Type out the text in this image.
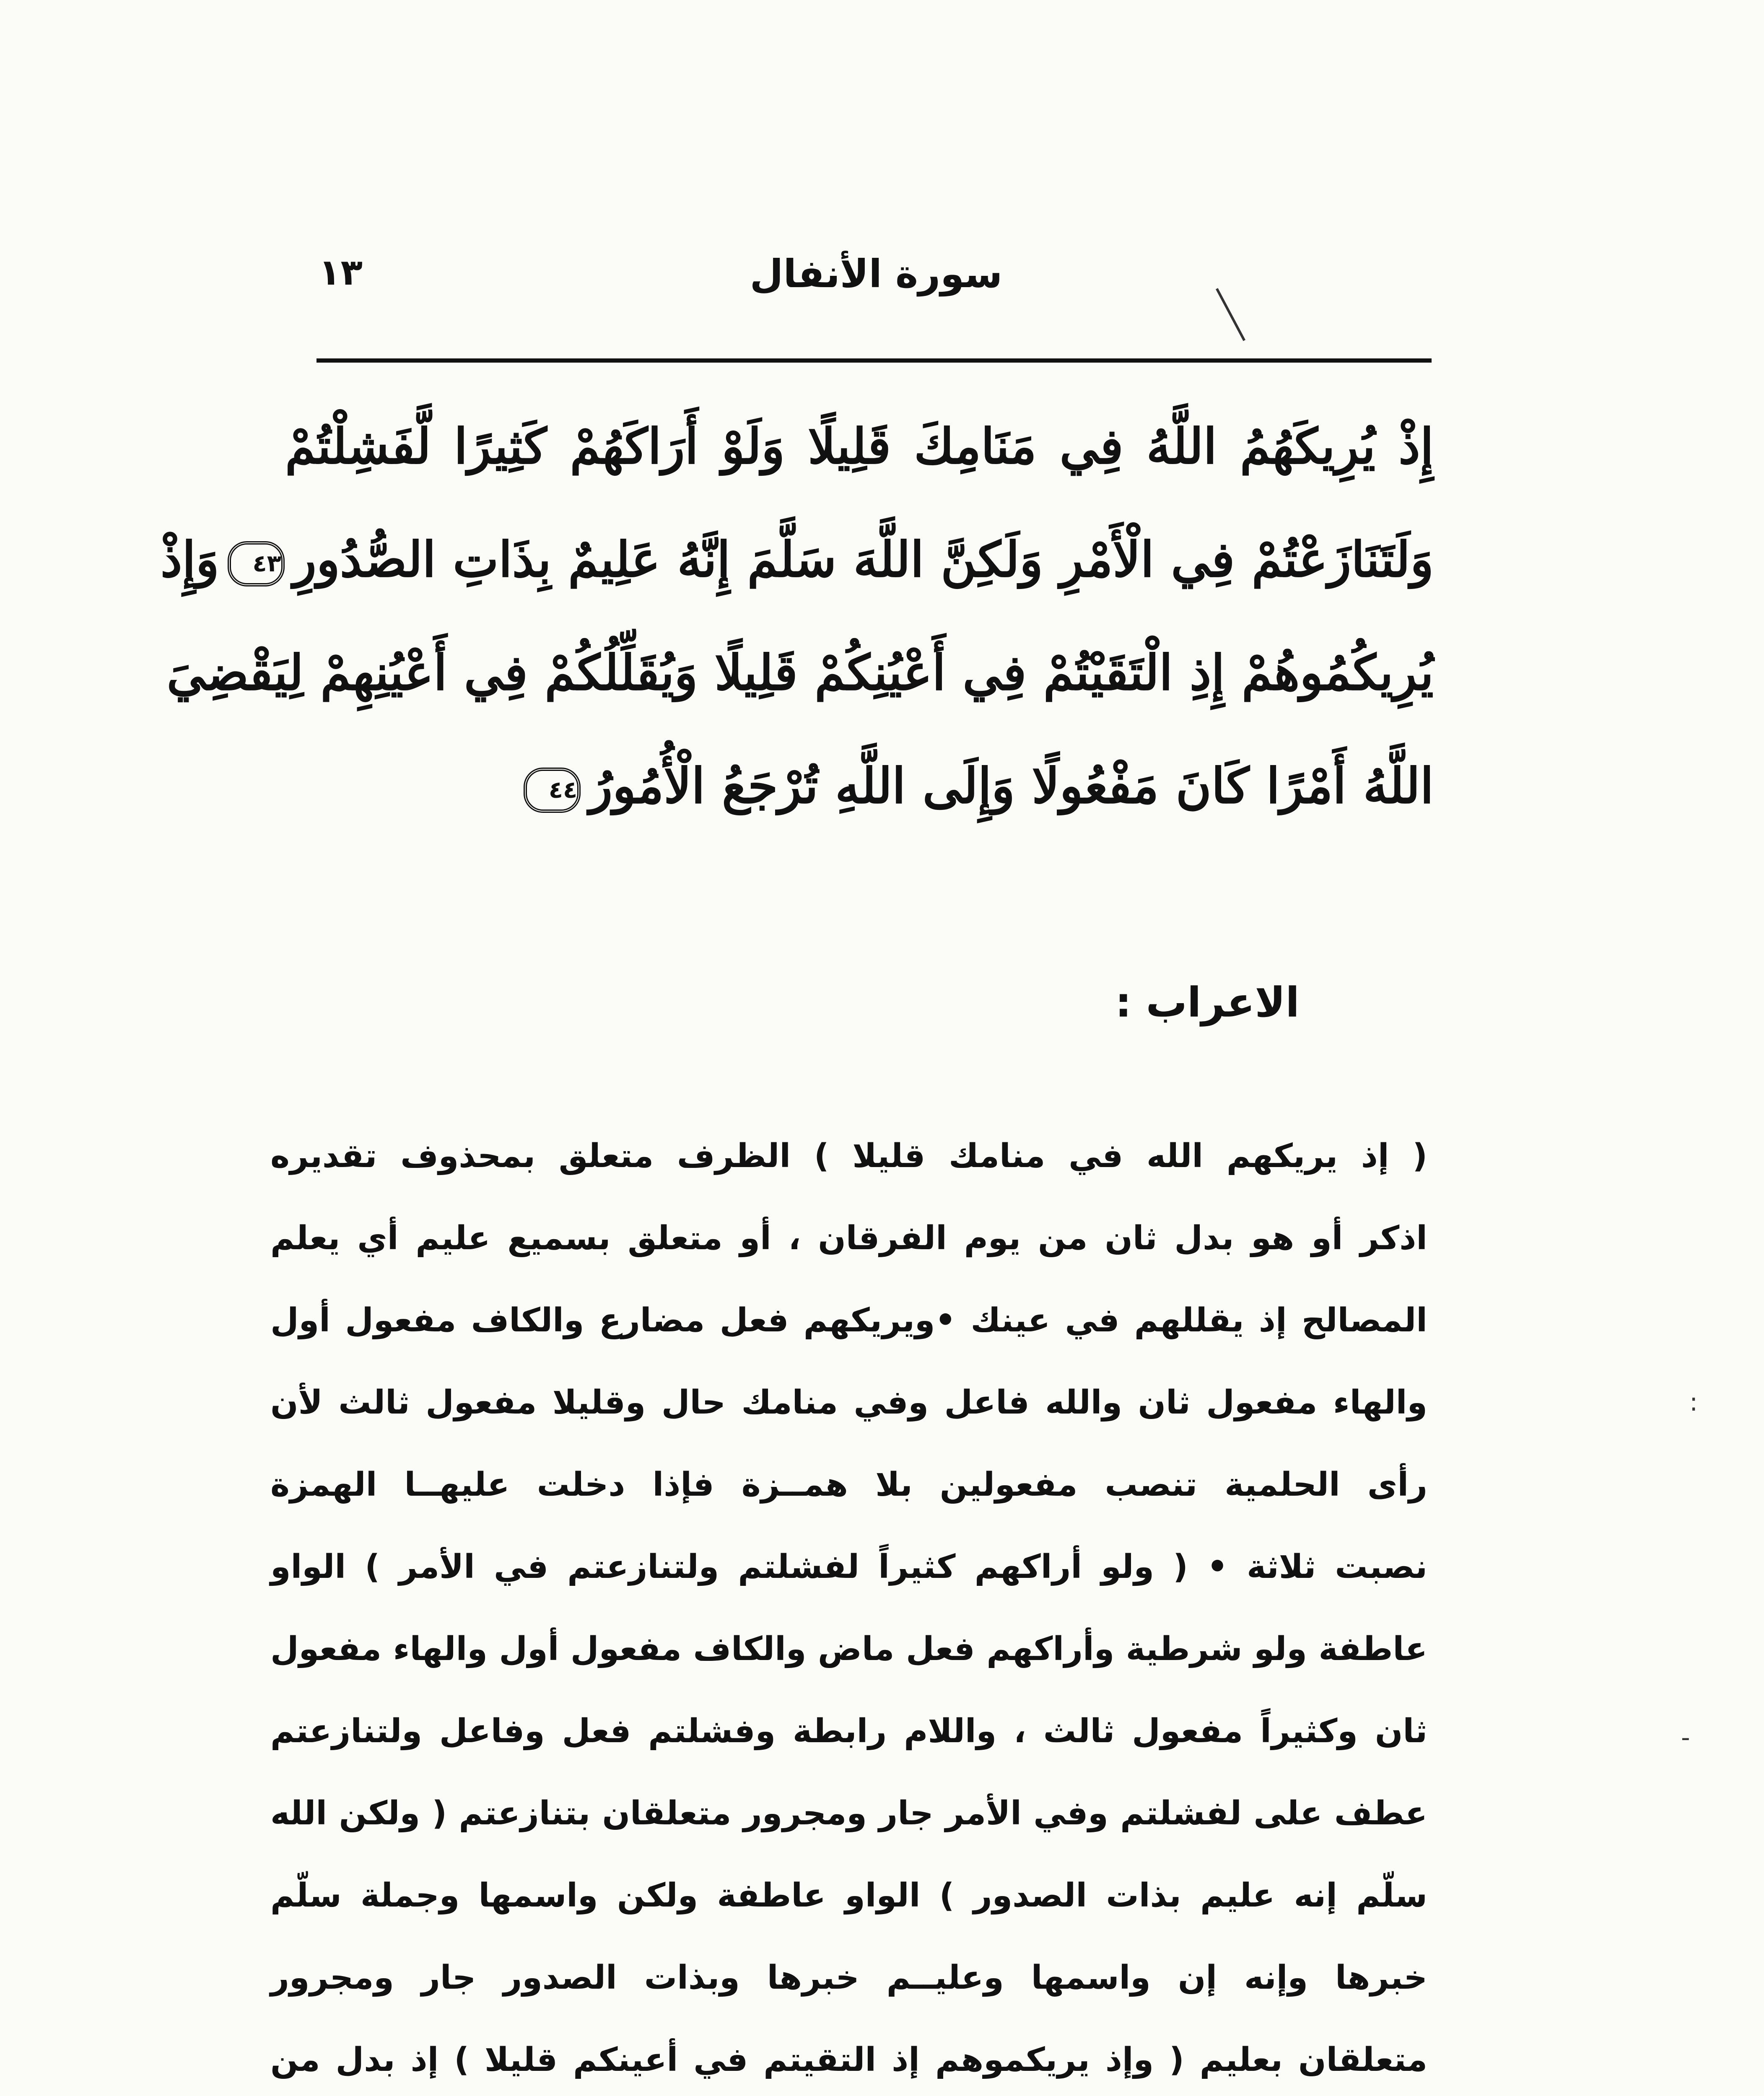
سورة الأنفال
١٣
إِذْ يُرِيكَهُمُ اللَّهُ فِي مَنَامِكَ قَلِيلًا وَلَوْ أَرَاكَهُمْ كَثِيرًا لَّفَشِلْتُمْ
وَلَتَنَازَعْتُمْ فِي الْأَمْرِ وَلَكِنَّ اللَّهَ سَلَّمَ إِنَّهُ عَلِيمٌ بِذَاتِ الصُّدُورِ٤٣وَإِذْ
يُرِيكُمُوهُمْ إِذِ الْتَقَيْتُمْ فِي أَعْيُنِكُمْ قَلِيلًا وَيُقَلِّلُكُمْ فِي أَعْيُنِهِمْ لِيَقْضِيَ
اللَّهُ أَمْرًا كَانَ مَفْعُولًا وَإِلَى اللَّهِ تُرْجَعُ الْأُمُورُ٤٤
الاعراب :
( إذ يريكهم الله في منامك قليلا ) الظرف متعلق بمحذوف تقديره
اذكر أو هو بدل ثان من يوم الفرقان ، أو متعلق بسميع عليم أي يعلم
المصالح إذ يقللهم في عينك •ويريكهم فعل مضارع والكاف مفعول أول
والهاء مفعول ثان والله فاعل وفي منامك حال وقليلا مفعول ثالث لأن
رأى الحلمية تنصب مفعولين بلا همــزة فإذا دخلت عليهــا الهمزة
نصبت ثلاثة • ( ولو أراكهم كثيراً لفشلتم ولتنازعتم في الأمر ) الواو
عاطفة ولو شرطية وأراكهم فعل ماض والكاف مفعول أول والهاء مفعول
ثان وكثيراً مفعول ثالث ، واللام رابطة وفشلتم فعل وفاعل ولتنازعتم
عطف على لفشلتم وفي الأمر جار ومجرور متعلقان بتنازعتم ( ولكن الله
سلّم إنه عليم بذات الصدور ) الواو عاطفة ولكن واسمها وجملة سلّم
خبرها وإنه إن واسمها وعليــم خبرها وبذات الصدور جار ومجرور
متعلقان بعليم ( وإذ يريكموهم إذ التقيتم في أعينكم قليلا ) إذ بدل من
:
-
